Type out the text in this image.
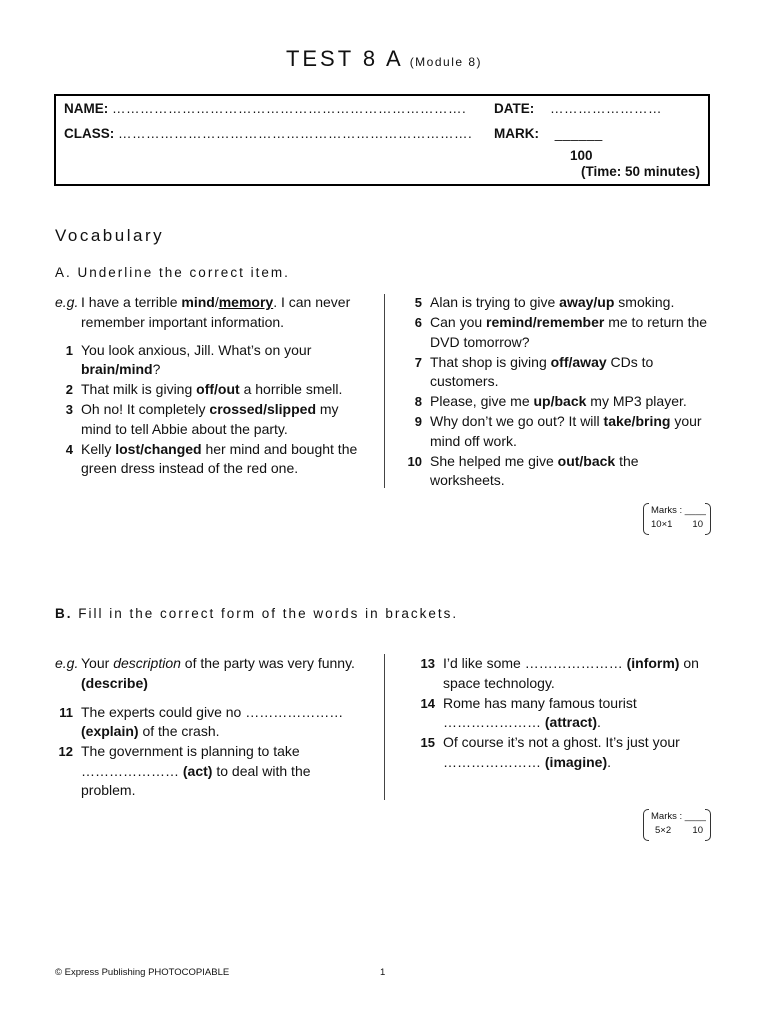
TEST 8 A (Module 8)
NAME: …………………………………………………………………. DATE: ……………………
CLASS: …………………………………………………………………. MARK: ______
100
(Time: 50 minutes)
Vocabulary
A. Underline the correct item.
e.g. I have a terrible mind/memory. I can never
remember important information.
1 You look anxious, Jill. What’s on your brain/mind?
2 That milk is giving off/out a horrible smell.
3 Oh no! It completely crossed/slipped my mind to tell Abbie about the party.
4 Kelly lost/changed her mind and bought the green dress instead of the red one.
5 Alan is trying to give away/up smoking.
6 Can you remind/remember me to return the DVD tomorrow?
7 That shop is giving off/away CDs to customers.
8 Please, give me up/back my MP3 player.
9 Why don’t we go out? It will take/bring your mind off work.
10 She helped me give out/back the worksheets.
Marks : ____
10×1 10
B. Fill in the correct form of the words in brackets.
e.g. Your description of the party was very funny. (describe)
11 The experts could give no ………………… (explain) of the crash.
12 The government is planning to take ………………… (act) to deal with the problem.
13 I’d like some ………………… (inform) on space technology.
14 Rome has many famous tourist ………………… (attract).
15 Of course it’s not a ghost. It’s just your ………………… (imagine).
Marks : ____
5×2 10
© Express Publishing PHOTOCOPIABLE	1
